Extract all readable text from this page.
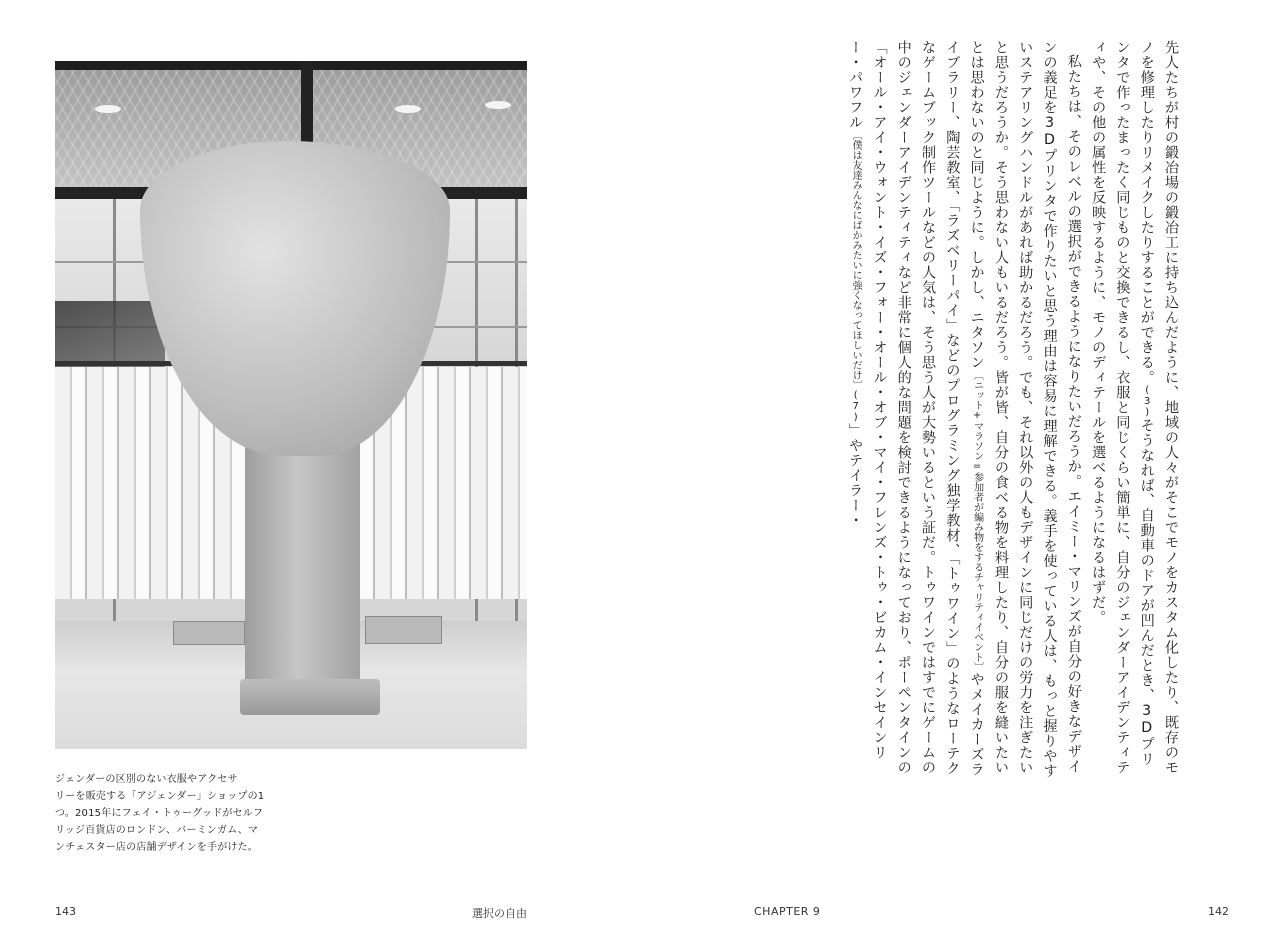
ジェンダーの区別のない衣服やアクセサ
リーを販売する「アジェンダー」ショップの1
つ。2015年にフェイ・トゥーグッドがセルフ
リッジ百貨店のロンドン、バーミンガム、マ
ンチェスター店の店舗デザインを手がけた。
143	選択の自由

先人たちが村の鍛冶場の鍛冶工に持ち込んだように、地域の人々がそこでモノをカスタム化したり、既存のモノを修理したりリメイクしたりすることができる。(3)そうなれば、自動車のドアが凹んだとき、3Dプリンタで作ったまったく同じものと交換できるし、衣服と同じくらい簡単に、自分のジェンダーアイデンティティや、その他の属性を反映するように、モノのディテールを選べるようになるはずだ。

私たちは、そのレベルの選択ができるようになりたいだろうか。エイミー・マリンズが自分の好きなデザインの義足を3Dプリンタで作りたいと思う理由は容易に理解できる。義手を使っている人は、もっと握りやすいステアリングハンドルがあれば助かるだろう。でも、それ以外の人もデザインに同じだけの労力を注ぎたいと思うだろうか。そう思わない人もいるだろう。皆が皆、自分の食べる物を料理したり、自分の服を縫いたいとは思わないのと同じように。しかし、ニタソン〔ニット+マラソン=参加者が編み物をするチャリティイベント〕やメイカーズライブラリー、陶芸教室、「ラズベリーパイ」などのプログラミング独学教材、「トゥワイン」のようなローテクなゲームブック制作ツールなどの人気は、そう思う人が大勢いるという証だ。トゥワインではすでにゲームの中のジェンダーアイデンティティなど非常に個人的な問題を検討できるようになっており、ポーペンタインの「オール・アイ・ウォント・イズ・フォー・オール・オブ・マイ・フレンズ・トゥ・ビカム・インセインリー・パワフル〔僕は友達みんなにばかみたいに強くなってほしいだけ〕(7)」やテイラー・

CHAPTER 9	142
